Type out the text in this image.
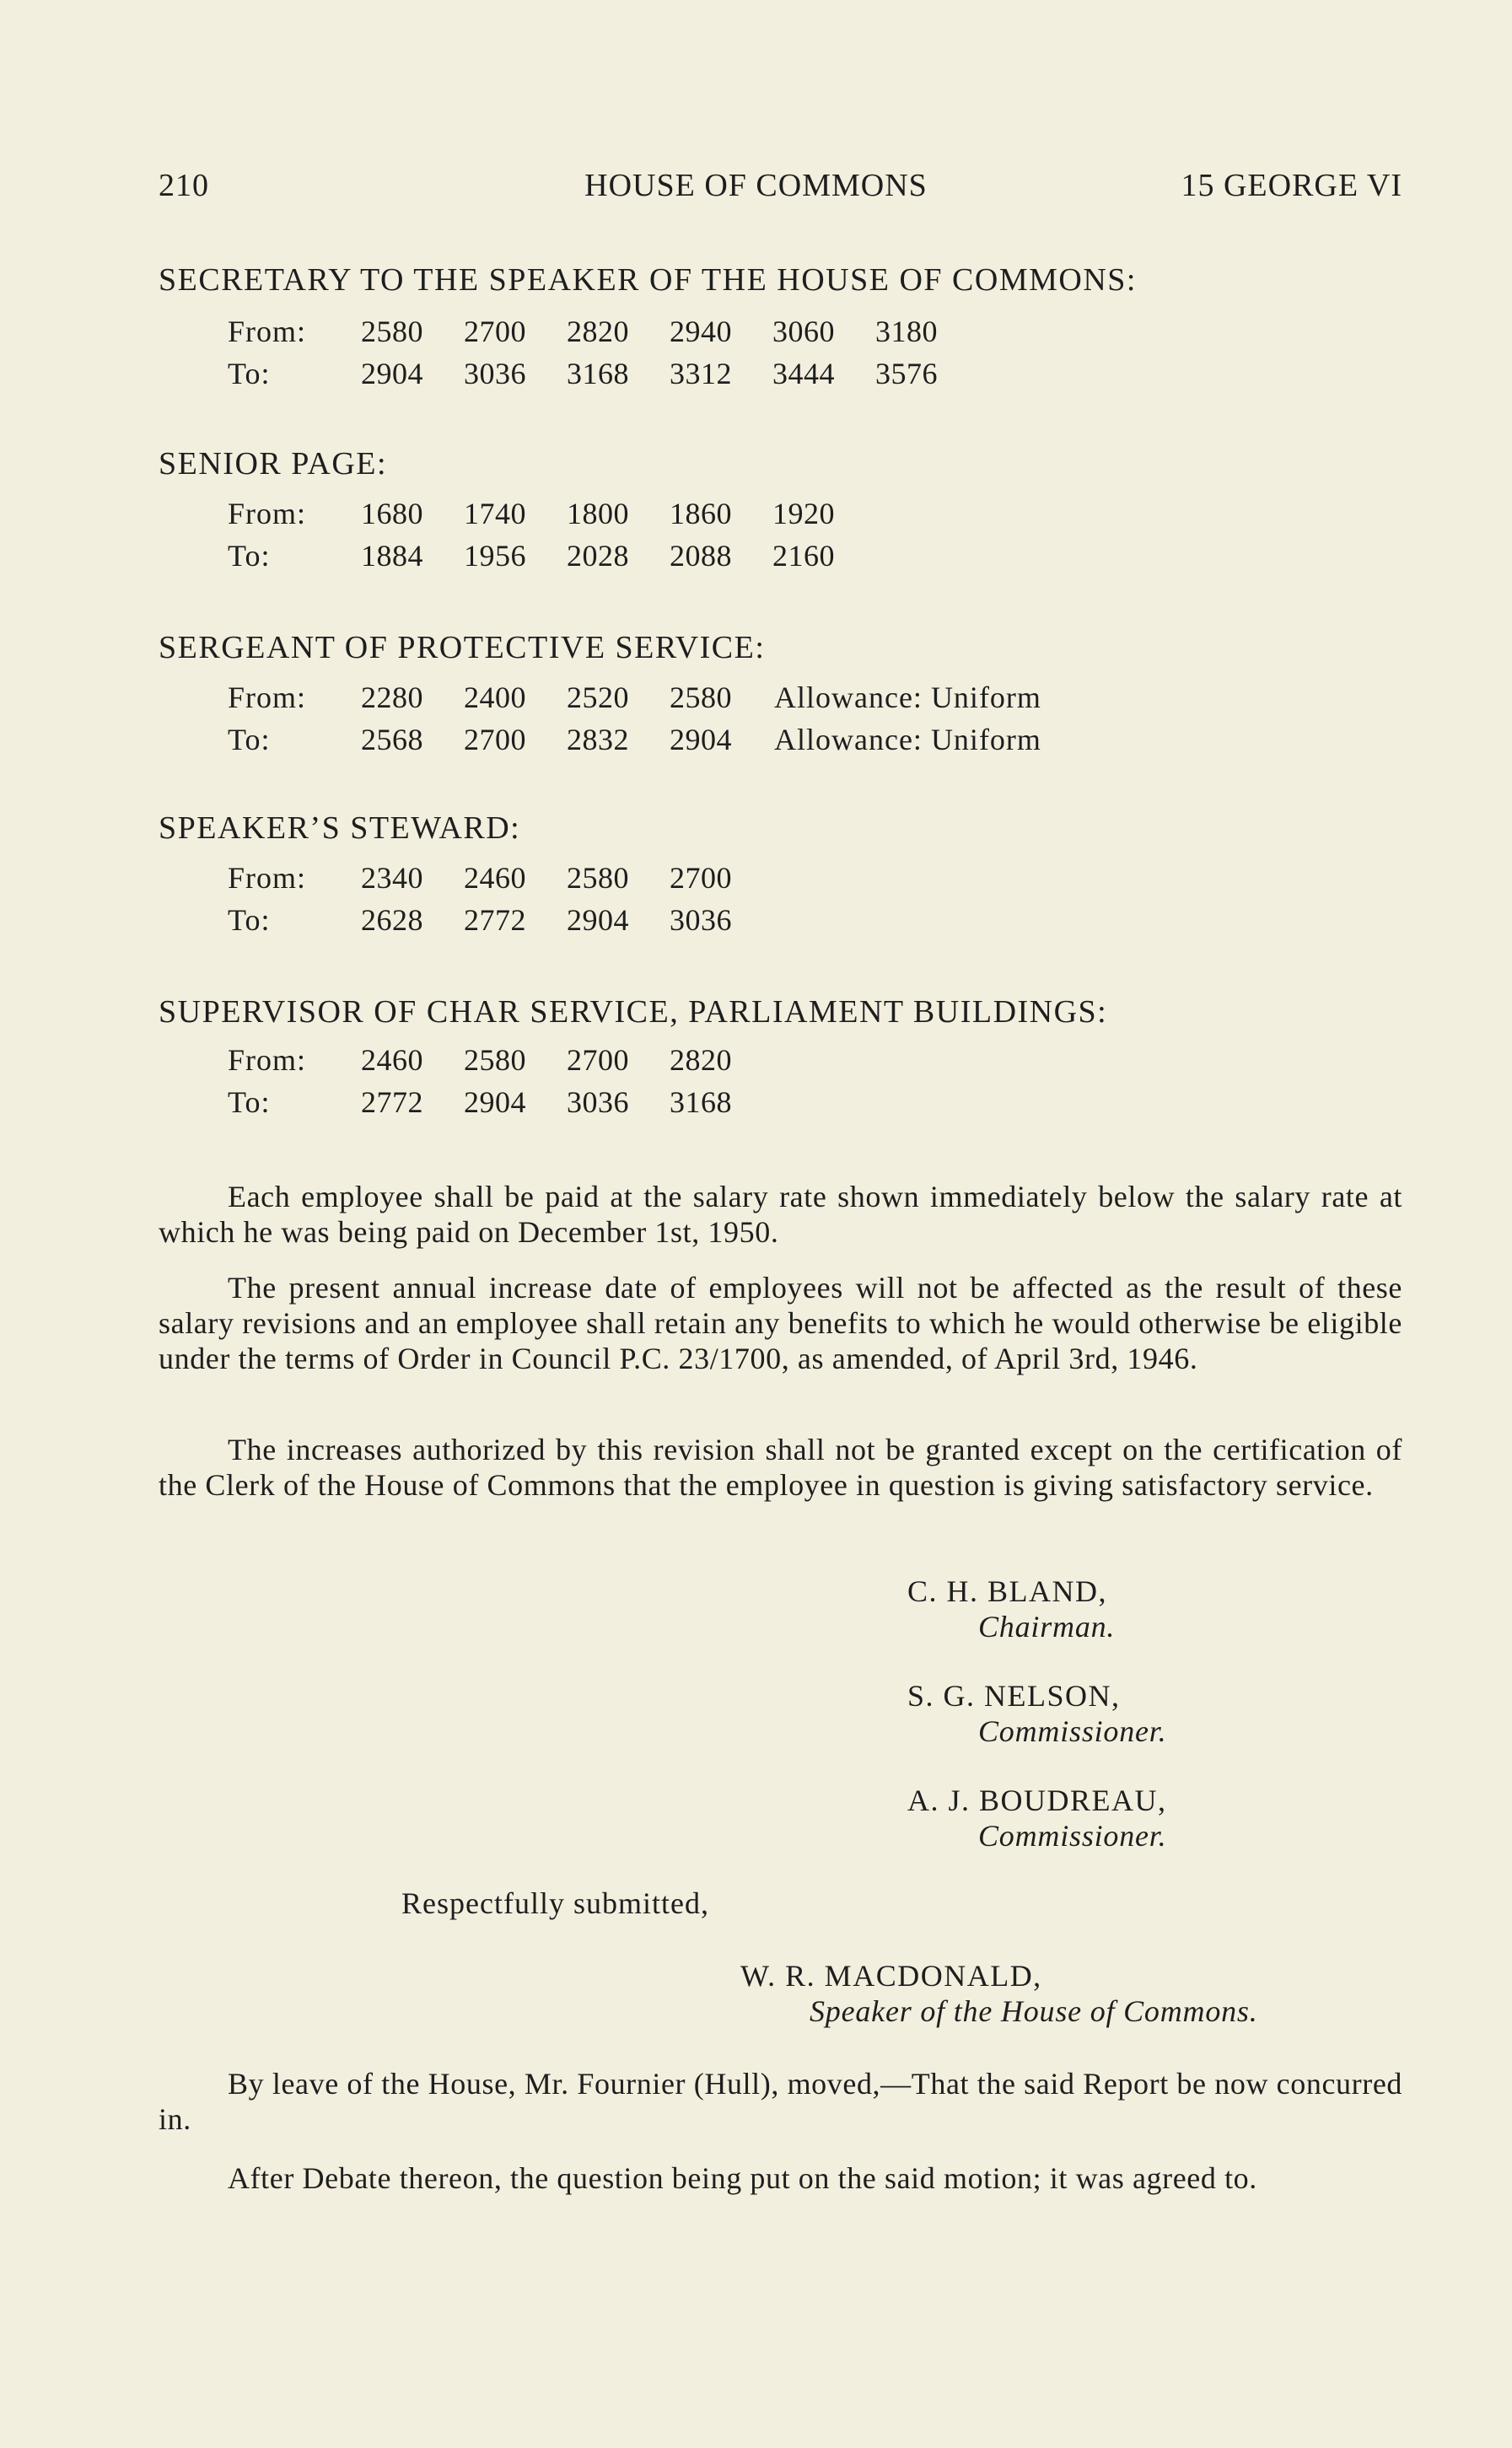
210	HOUSE OF COMMONS	15 GEORGE VI
SECRETARY TO THE SPEAKER OF THE HOUSE OF COMMONS:
From: 2580 2700 2820 2940 3060 3180
To:	2904 3036 3168 3312 3444 3576
SENIOR PAGE:
From: 1680 1740 1800 1860 1920
To:	1884 1956 2028 2088 2160
SERGEANT OF PROTECTIVE SERVICE:
From: 2280 2400 2520 2580 Allowance: Uniform
To:	2568 2700 2832 2904 Allowance: Uniform
SPEAKER’S STEWARD:
From: 2340 2460 2580 2700
To:	2628 2772 2904 3036
SUPERVISOR OF CHAR SERVICE, PARLIAMENT BUILDINGS:
From: 2460 2580 2700 2820
To:	2772 2904 3036 3168
Each employee shall be paid at the salary rate shown immediately below the salary rate at which he was being paid on December 1st, 1950.
The present annual increase date of employees will not be affected as the result of these salary revisions and an employee shall retain any benefits to which he would otherwise be eligible under the terms of Order in Council P.C. 23/1700, as amended, of April 3rd, 1946.
The increases authorized by this revision shall not be granted except on the certification of the Clerk of the House of Commons that the employee in question is giving satisfactory service.
C. H. BLAND,
Chairman.
S. G. NELSON,
Commissioner.
A. J. BOUDREAU,
Commissioner.
Respectfully submitted,
W. R. MACDONALD,
Speaker of the House of Commons.
By leave of the House, Mr. Fournier (Hull), moved,—That the said Report be now concurred in.
After Debate thereon, the question being put on the said motion; it was agreed to.
